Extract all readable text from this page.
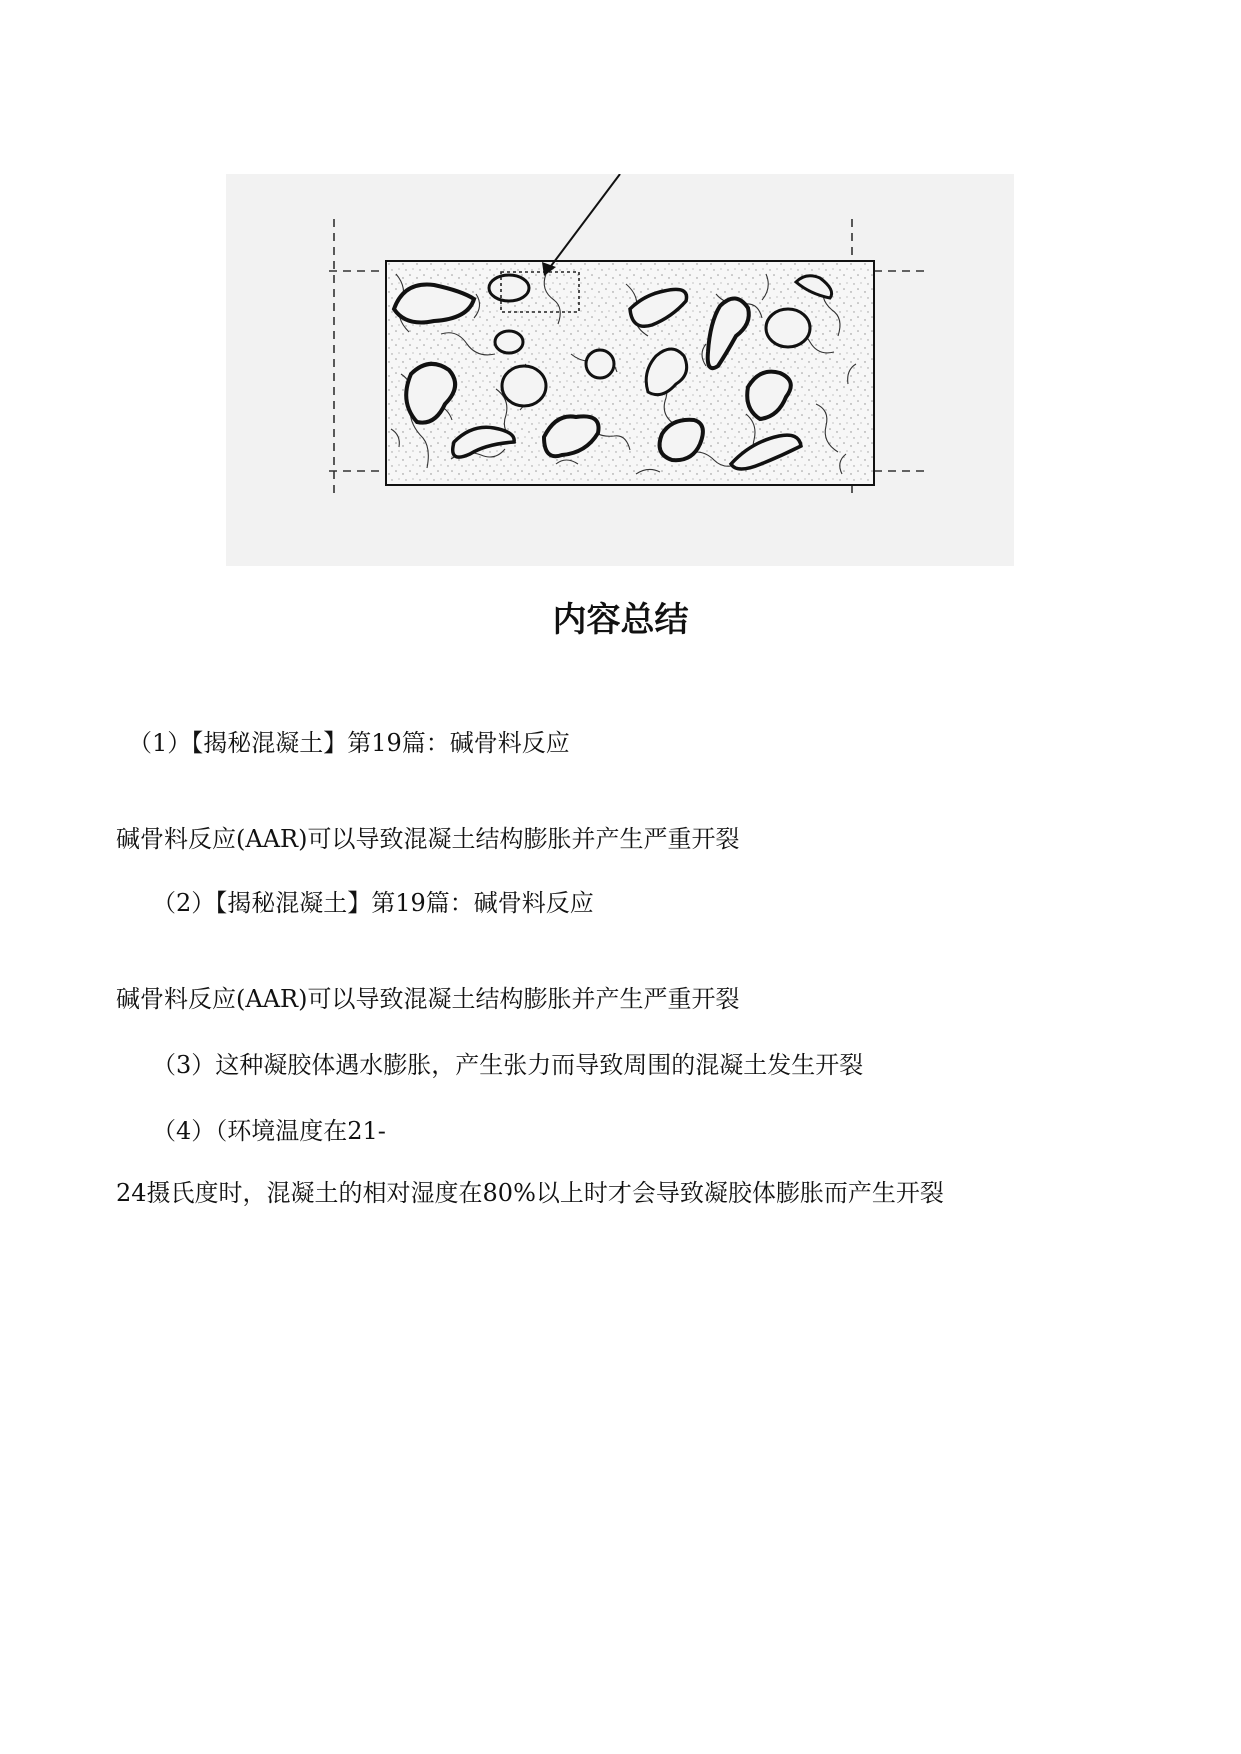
内容总结
（1）【揭秘混凝土】第19篇：碱骨料反应
碱骨料反应(AAR)可以导致混凝土结构膨胀并产生严重开裂
（2）【揭秘混凝土】第19篇：碱骨料反应
碱骨料反应(AAR)可以导致混凝土结构膨胀并产生严重开裂
（3）这种凝胶体遇水膨胀，产生张力而导致周围的混凝土发生开裂
（4）（环境温度在21-
24摄氏度时，混凝土的相对湿度在80%以上时才会导致凝胶体膨胀而产生开裂
